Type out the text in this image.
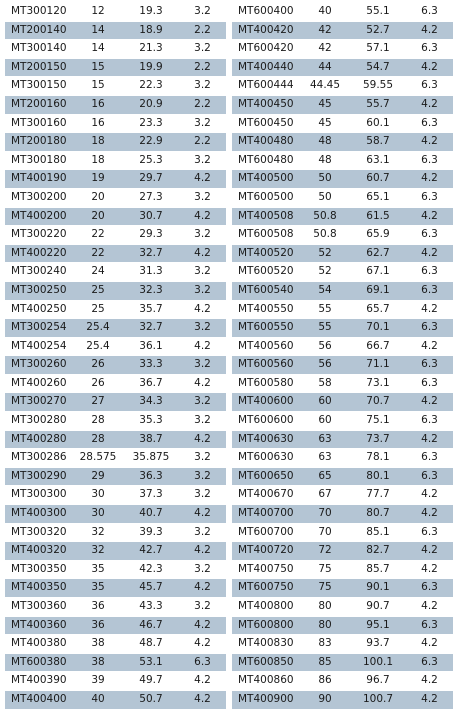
MT300120	12	19.3	3.2
MT200140	14	18.9	2.2
MT300140	14	21.3	3.2
MT200150	15	19.9	2.2
MT300150	15	22.3	3.2
MT200160	16	20.9	2.2
MT300160	16	23.3	3.2
MT200180	18	22.9	2.2
MT300180	18	25.3	3.2
MT400190	19	29.7	4.2
MT300200	20	27.3	3.2
MT400200	20	30.7	4.2
MT300220	22	29.3	3.2
MT400220	22	32.7	4.2
MT300240	24	31.3	3.2
MT300250	25	32.3	3.2
MT400250	25	35.7	4.2
MT300254	25.4	32.7	3.2
MT400254	25.4	36.1	4.2
MT300260	26	33.3	3.2
MT400260	26	36.7	4.2
MT300270	27	34.3	3.2
MT300280	28	35.3	3.2
MT400280	28	38.7	4.2
MT300286	28.575	35.875	3.2
MT300290	29	36.3	3.2
MT300300	30	37.3	3.2
MT400300	30	40.7	4.2
MT300320	32	39.3	3.2
MT400320	32	42.7	4.2
MT300350	35	42.3	3.2
MT400350	35	45.7	4.2
MT300360	36	43.3	3.2
MT400360	36	46.7	4.2
MT400380	38	48.7	4.2
MT600380	38	53.1	6.3
MT400390	39	49.7	4.2
MT400400	40	50.7	4.2
MT600400	40	55.1	6.3
MT400420	42	52.7	4.2
MT600420	42	57.1	6.3
MT400440	44	54.7	4.2
MT600444	44.45	59.55	6.3
MT400450	45	55.7	4.2
MT600450	45	60.1	6.3
MT400480	48	58.7	4.2
MT600480	48	63.1	6.3
MT400500	50	60.7	4.2
MT600500	50	65.1	6.3
MT400508	50.8	61.5	4.2
MT600508	50.8	65.9	6.3
MT400520	52	62.7	4.2
MT600520	52	67.1	6.3
MT600540	54	69.1	6.3
MT400550	55	65.7	4.2
MT600550	55	70.1	6.3
MT400560	56	66.7	4.2
MT600560	56	71.1	6.3
MT600580	58	73.1	6.3
MT400600	60	70.7	4.2
MT600600	60	75.1	6.3
MT400630	63	73.7	4.2
MT600630	63	78.1	6.3
MT600650	65	80.1	6.3
MT400670	67	77.7	4.2
MT400700	70	80.7	4.2
MT600700	70	85.1	6.3
MT400720	72	82.7	4.2
MT400750	75	85.7	4.2
MT600750	75	90.1	6.3
MT400800	80	90.7	4.2
MT600800	80	95.1	6.3
MT400830	83	93.7	4.2
MT600850	85	100.1	6.3
MT400860	86	96.7	4.2
MT400900	90	100.7	4.2
